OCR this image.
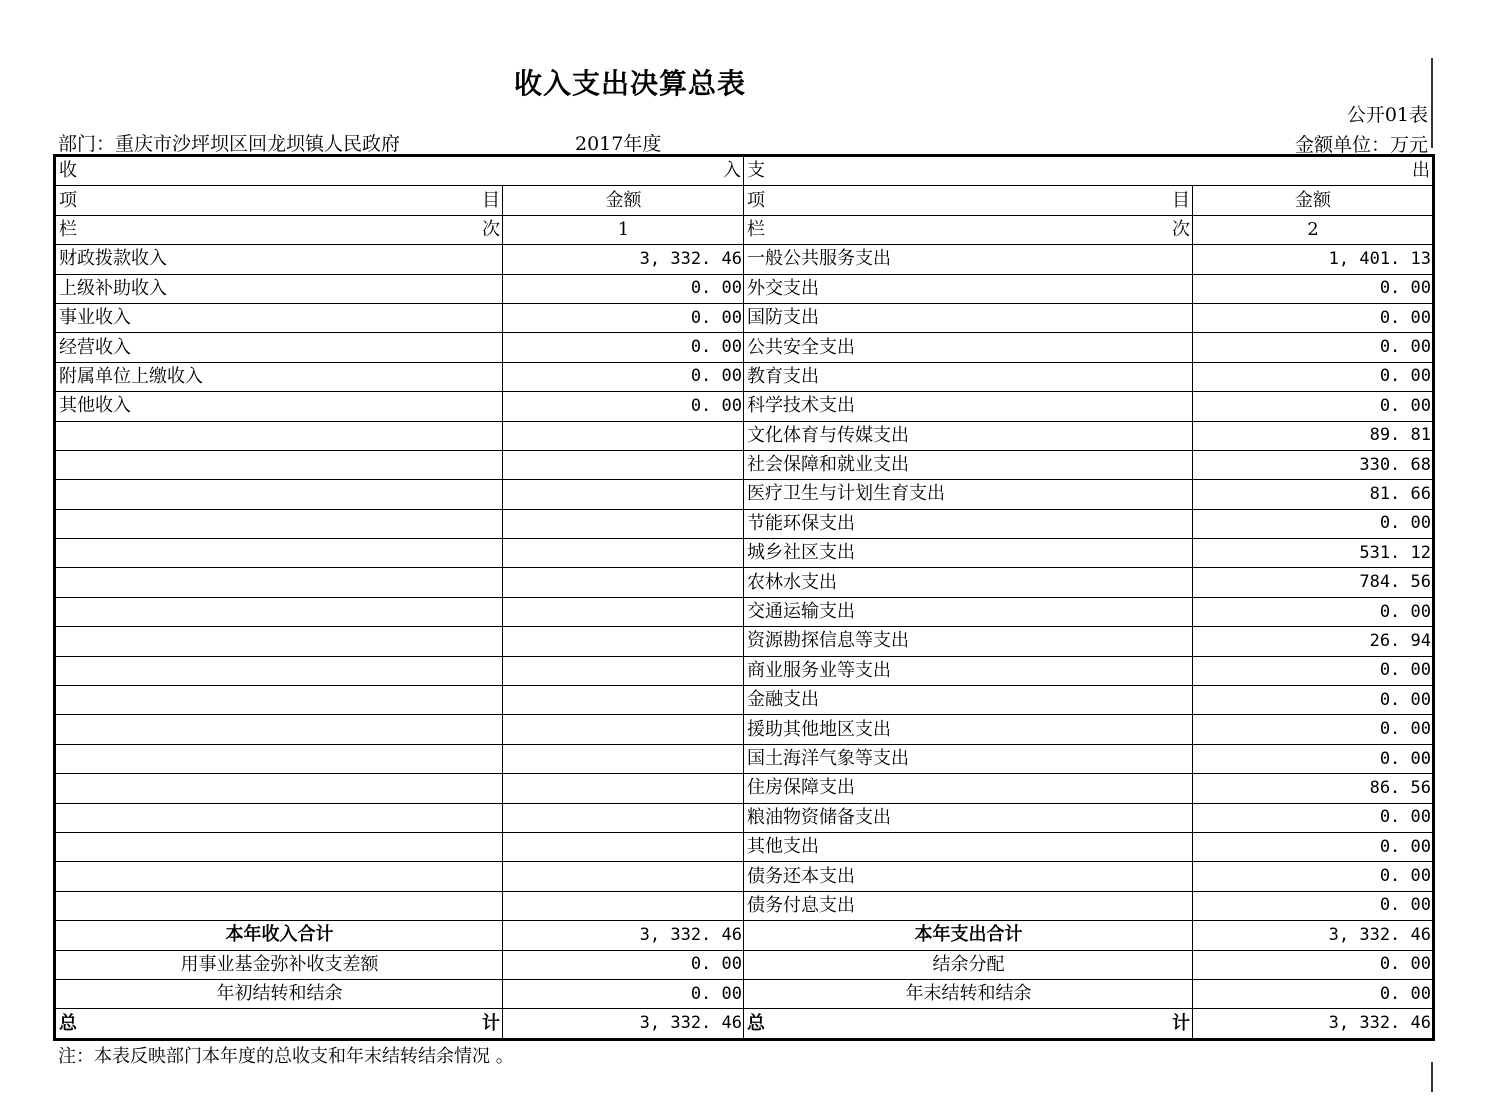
收入支出决算总表
公开01表
部门：重庆市沙坪坝区回龙坝镇人民政府	2017年度	金额单位：万元
收 入		支 出	

项 目	金额	项 目	金额

栏 次	1	栏 次	2
财政拨款收入	3, 332. 46	一般公共服务支出	1, 401. 13
上级补助收入	0. 00	外交支出	0. 00
事业收入	0. 00	国防支出	0. 00
经营收入	0. 00	公共安全支出	0. 00
附属单位上缴收入	0. 00	教育支出	0. 00
其他收入	0. 00	科学技术支出	0. 00
		文化体育与传媒支出	89. 81
		社会保障和就业支出	330. 68
		医疗卫生与计划生育支出	81. 66
		节能环保支出	0. 00
		城乡社区支出	531. 12
		农林水支出	784. 56
		交通运输支出	0. 00
		资源勘探信息等支出	26. 94
		商业服务业等支出	0. 00
		金融支出	0. 00
		援助其他地区支出	0. 00
		国土海洋气象等支出	0. 00
		住房保障支出	86. 56
		粮油物资储备支出	0. 00
		其他支出	0. 00
		债务还本支出	0. 00
		债务付息支出	0. 00
本年收入合计	3, 332. 46	本年支出合计	3, 332. 46
用事业基金弥补收支差额	0. 00	结余分配	0. 00
年初结转和结余	0. 00	年末结转和结余	0. 00

总 计	3, 332. 46	总 计	3, 332. 46
注：本表反映部门本年度的总收支和年末结转结余情况 。
